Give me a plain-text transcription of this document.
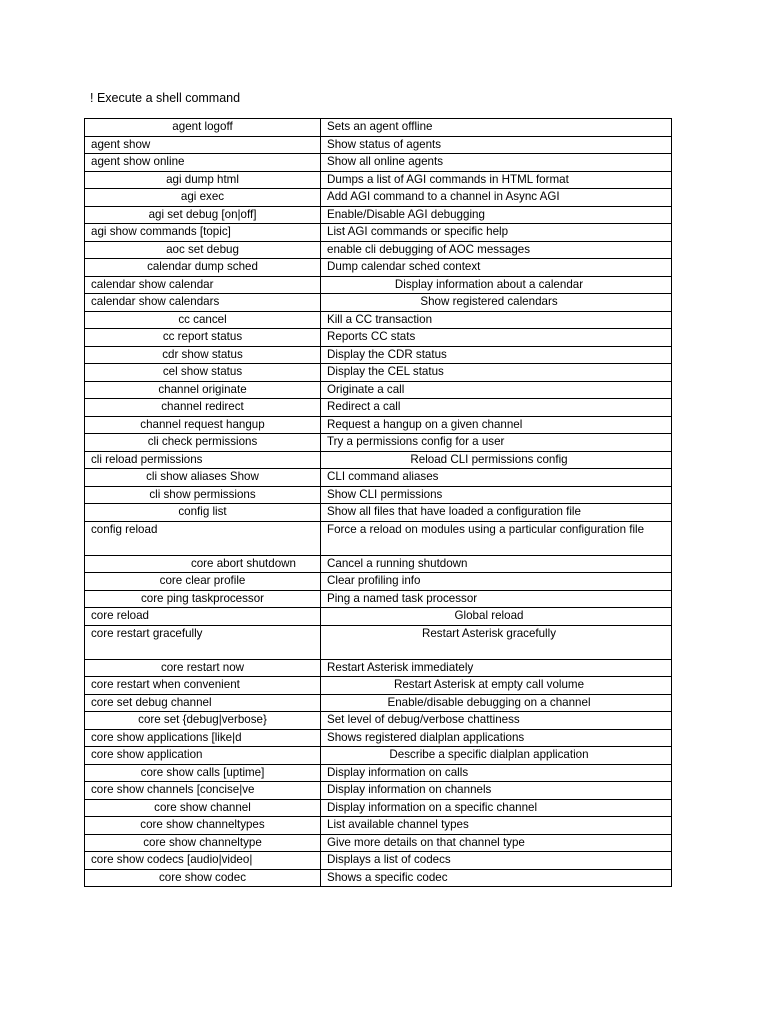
! Execute a shell command
agent logoff	Sets an agent offline
agent show	Show status of agents
agent show online	Show all online agents
agi dump html	Dumps a list of AGI commands in HTML format
agi exec	Add AGI command to a channel in Async AGI
agi set debug [on|off]	Enable/Disable AGI debugging
agi show commands [topic]	List AGI commands or specific help
aoc set debug	enable cli debugging of AOC messages
calendar dump sched	Dump calendar sched context
calendar show calendar	Display information about a calendar
calendar show calendars	Show registered calendars
cc cancel	Kill a CC transaction
cc report status	Reports CC stats
cdr show status	Display the CDR status
cel show status	Display the CEL status
channel originate	Originate a call
channel redirect	Redirect a call
channel request hangup	Request a hangup on a given channel
cli check permissions	Try a permissions config for a user
cli reload permissions	Reload CLI permissions config
cli show aliases Show	CLI command aliases
cli show permissions	Show CLI permissions
config list	Show all files that have loaded a configuration file
config reload	Force a reload on modules using a particular configuration file
core abort shutdown	Cancel a running shutdown
core clear profile	Clear profiling info
core ping taskprocessor	Ping a named task processor
core reload	Global reload
core restart gracefully	Restart Asterisk gracefully
core restart now	Restart Asterisk immediately
core restart when convenient	Restart Asterisk at empty call volume
core set debug channel	Enable/disable debugging on a channel
core set {debug|verbose}	Set level of debug/verbose chattiness
core show applications [like|d	Shows registered dialplan applications
core show application	Describe a specific dialplan application
core show calls [uptime]	Display information on calls
core show channels [concise|ve	Display information on channels
core show channel	Display information on a specific channel
core show channeltypes	List available channel types
core show channeltype	Give more details on that channel type
core show codecs [audio|video|	Displays a list of codecs
core show codec	Shows a specific codec
